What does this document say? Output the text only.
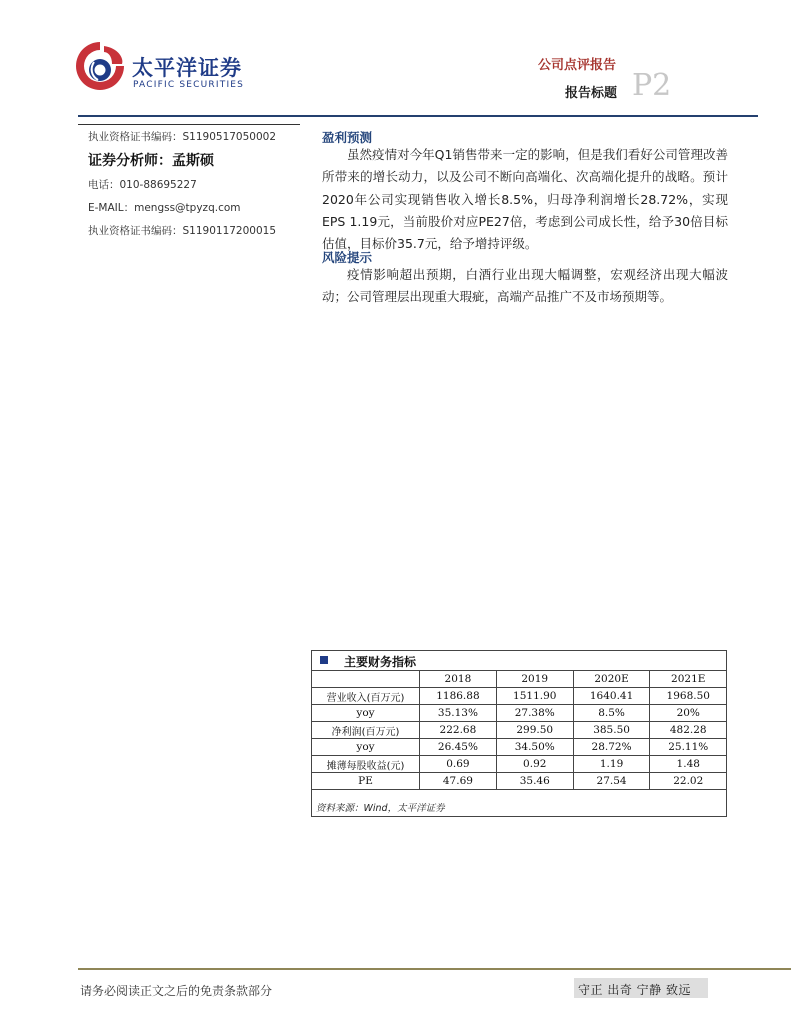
太平洋证券
PACIFIC SECURITIES
公司点评报告
P2
报告标题
执业资格证书编码：S1190517050002
证券分析师：孟斯硕
电话：010-88695227
E-MAIL：mengss@tpyzq.com
执业资格证书编码：S1190117200015
盈利预测
虽然疫情对今年Q1销售带来一定的影响，但是我们看好公司管理改善所带来的增长动力，以及公司不断向高端化、次高端化提升的战略。预计2020年公司实现销售收入增长8.5%，归母净利润增长28.72%，实现EPS 1.19元，当前股价对应PE27倍，考虑到公司成长性，给予30倍目标估值，目标价35.7元，给予增持评级。
风险提示
疫情影响超出预期，白酒行业出现大幅调整，宏观经济出现大幅波动；公司管理层出现重大瑕疵，高端产品推广不及市场预期等。
主要财务指标
	2018	2019	2020E	2021E
营业收入(百万元)	1186.88	1511.90	1640.41	1968.50
yoy	35.13%	27.38%	8.5%	20%
净利润(百万元)	222.68	299.50	385.50	482.28
yoy	26.45%	34.50%	28.72%	25.11%
摊薄每股收益(元)	0.69	0.92	1.19	1.48
PE	47.69	35.46	27.54	22.02
资料来源：Wind，太平洋证券
请务必阅读正文之后的免责条款部分	守正 出奇 宁静 致远
